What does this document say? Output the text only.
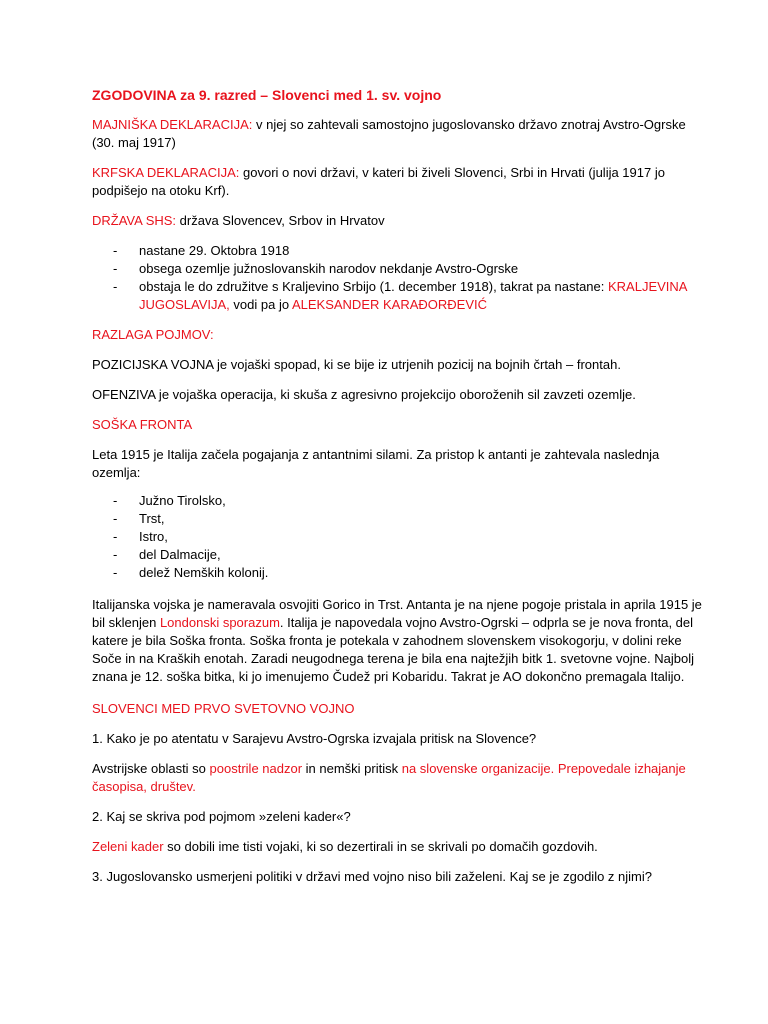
ZGODOVINA za 9. razred – Slovenci med 1. sv. vojno

MAJNIŠKA DEKLARACIJA: v njej so zahtevali samostojno jugoslovansko državo znotraj Avstro-Ogrske (30. maj 1917)

KRFSKA DEKLARACIJA: govori o novi državi, v kateri bi živeli Slovenci, Srbi in Hrvati (julija 1917 jo podpišejo na otoku Krf).

DRŽAVA SHS: država Slovencev, Srbov in Hrvatov

- nastane 29. Oktobra 1918
- obsega ozemlje južnoslovanskih narodov nekdanje Avstro-Ogrske
- obstaja le do združitve s Kraljevino Srbijo (1. december 1918), takrat pa nastane: KRALJEVINA JUGOSLAVIJA, vodi pa jo ALEKSANDER KARAĐORĐEVIĆ

RAZLAGA POJMOV:

POZICIJSKA VOJNA je vojaški spopad, ki se bije iz utrjenih pozicij na bojnih črtah – frontah.

OFENZIVA je vojaška operacija, ki skuša z agresivno projekcijo oboroženih sil zavzeti ozemlje.

SOŠKA FRONTA

Leta 1915 je Italija začela pogajanja z antantnimi silami. Za pristop k antanti je zahtevala naslednja ozemlja:

- Južno Tirolsko,
- Trst,
- Istro,
- del Dalmacije,
- delež Nemških kolonij.

Italijanska vojska je nameravala osvojiti Gorico in Trst. Antanta je na njene pogoje pristala in aprila 1915 je bil sklenjen Londonski sporazum. Italija je napovedala vojno Avstro-Ogrski – odprla se je nova fronta, del katere je bila Soška fronta. Soška fronta je potekala v zahodnem slovenskem visokogorju, v dolini reke Soče in na Kraških enotah. Zaradi neugodnega terena je bila ena najtežjih bitk 1. svetovne vojne. Najbolj znana je 12. soška bitka, ki jo imenujemo Čudež pri Kobaridu. Takrat je AO dokončno premagala Italijo.

SLOVENCI MED PRVO SVETOVNO VOJNO

1. Kako je po atentatu v Sarajevu Avstro-Ogrska izvajala pritisk na Slovence?

Avstrijske oblasti so poostrile nadzor in nemški pritisk na slovenske organizacije. Prepovedale izhajanje časopisa, društev.

2. Kaj se skriva pod pojmom »zeleni kader«?

Zeleni kader so dobili ime tisti vojaki, ki so dezertirali in se skrivali po domačih gozdovih.

3. Jugoslovansko usmerjeni politiki v državi med vojno niso bili zaželeni. Kaj se je zgodilo z njimi?
